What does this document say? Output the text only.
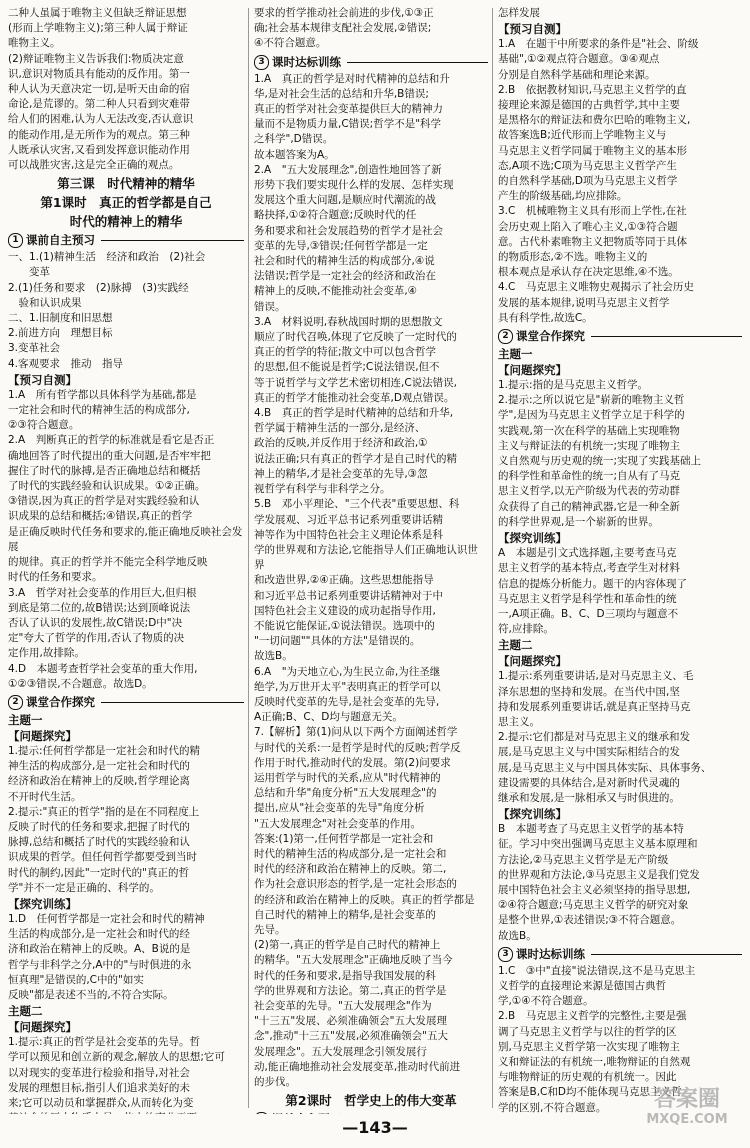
二种人虽属于唯物主义但缺乏辩证思想
(形而上学唯物主义);第三种人属于辩证
唯物主义。
(2)辩证唯物主义告诉我们:物质决定意
识,意识对物质具有能动的反作用。第一
种人认为天意决定一切,是听天由命的宿
命论,是荒谬的。第二种人只看到灾难带
给人们的困难,认为人无法改变,否认意识
的能动作用,是无所作为的观点。第三种
人既承认灾害,又看到发挥意识能动作用
可以战胜灾害,这是完全正确的观点。
第三课　时代精神的精华
第1课时　真正的哲学都是自己
时代的精神上的精华
1 课前自主预习
一、1.(1)精神生活　经济和政治　(2)社会
　　变革
2.(1)任务和要求　(2)脉搏　(3)实践经
　验和认识成果
二、1.旧制度和旧思想
2.前进方向　理想目标
3.变革社会
4.客观要求　推动　指导
【预习自测】
1.A　所有哲学都以具体科学为基础,都是
一定社会和时代的精神生活的构成部分,
②③符合题意。
2.A　判断真正的哲学的标准就是看它是否正
确地回答了时代提出的重大问题,是否牢牢把
握住了时代的脉搏,是否正确地总结和概括
了时代的实践经验和认识成果。①②正确。
③错误,因为真正的哲学是对实践经验和认
识成果的总结和概括;④错误,真正的哲学
是正确反映时代任务和要求的,能正确地反映社会发展
的规律。真正的哲学并不能完全科学地反映
时代的任务和要求。
3.A　哲学对社会变革的作用巨大,但归根
到底是第二位的,故B错误;达到顶峰说法
否认了认识的发展性,故C错误;D中"决
定"夸大了哲学的作用,否认了物质的决
定作用,故排除。
4.D　本题考查哲学社会变革的重大作用,
①②③错误,不合题意。故选D。
2 课堂合作探究
主题一
【问题探究】
1.提示:任何哲学都是一定社会和时代的精
神生活的构成部分,是一定社会和时代的
经济和政治在精神上的反映,哲学理论离
不开时代生活。
2.提示:"真正的哲学"指的是在不同程度上
反映了时代的任务和要求,把握了时代的
脉搏,总结和概括了时代的实践经验和认
识成果的哲学。但任何哲学都要受到当时
时代的制约,因此"一定时代的"真正的哲
学"并不一定是正确的、科学的。
【探究训练】
1.D　任何哲学都是一定社会和时代的精神
生活的构成部分,是一定社会和时代的经
济和政治在精神上的反映。A、B说的是
哲学与非科学之分,A中的"与时俱进的永
恒真理"是错误的,C中的"如实
反映"都是表述不当的,不符合实际。
主题二
【问题探究】
1.提示:真正的哲学是社会变革的先导。哲
学可以预见和创立新的观念,解放人的思想;它可
以对现实的变革进行检验和指导,对社会
发展的理想目标,指引人们追求美好的未
来;它可以动员和掌握群众,从而转化为变
要求的哲学推动社会前进的步伐,①③正
确;社会基本规律支配社会发展,②错误;
④不符合题意。
3 课时达标训练
1.A　真正的哲学是对时代精神的总结和升
华,是对社会生活的总结和升华,B错误;
真正的哲学对社会变革提供巨大的精神力
量而不是物质力量,C错误;哲学不是"科学
之科学",D错误。
故本题答案为A。
2.A　"五大发展理念",创造性地回答了新
形势下我们要实现什么样的发展、怎样实现
发展这个重大问题,是顺应时代潮流的战
略抉择,①②符合题意;反映时代的任
务和要求和社会发展趋势的哲学才是社会
变革的先导,③错误;任何哲学都是一定
社会和时代的精神生活的构成部分,④说
法错误;哲学是一定社会的经济和政治在
精神上的反映,不能推动社会变革,④
错误。
3.A　材料说明,春秋战国时期的思想散文
顺应了时代召唤,体现了它反映了一定时代的
真正的哲学的特征;散文中可以包含哲学
的思想,但不能说是哲学;C说法错误,但不
等于说哲学与文学艺术密切相连,C说法错误,
真正的哲学才能推动社会变革,D观点错误。
4.B　真正的哲学是时代精神的总结和升华,
哲学属于精神生活的一部分,是经济、
政治的反映,并反作用于经济和政治,①
说法正确;只有真正的哲学才是自己时代的精
神上的精华,才是社会变革的先导,③忽
视哲学有科学与非科学之分。
5.B　邓小平理论、"三个代表"重要思想、科
学发展观、习近平总书记系列重要讲话精
神等作为中国特色社会主义理论体系是科
学的世界观和方法论,它能指导人们正确地认识世界
和改造世界,②④正确。这些思想能指导
和习近平总书记系列重要讲话精神对于中
国特色社会主义建设的成功起指导作用,
不能说它能保证,①说法错误。选项中的
"一切问题""具体的方法"是错误的。
故选B。
6.A　"为天地立心,为生民立命,为往圣继
绝学,为万世开太平"表明真正的哲学可以
反映时代变革的先导,是社会变革的先导,
A正确;B、C、D均与题意无关。
7.【解析】第(1)问从以下两个方面阐述哲学
与时代的关系:一是哲学是时代的反映;哲学反
作用于时代,推动时代的发展。第(2)问要求
运用哲学与时代的关系,应从"时代精神的
总结和升华"角度分析"五大发展理念"的
提出,应从"社会变革的先导"角度分析
"五大发展理念"对社会变革的作用。
答案:(1)第一,任何哲学都是一定社会和
时代的精神生活的构成部分,是一定社会和
时代的经济和政治在精神上的反映。第二,
作为社会意识形态的哲学,是一定社会形态的
的经济和政治在精神上的反映。真正的哲学都是
自己时代的精神上的精华,是社会变革的
先导。
(2)第一,真正的哲学是自己时代的精神上
的精华。"五大发展理念"正确地反映了当今
时代的任务和要求,是指导我国发展的科
学的世界观和方法论。第二,真正的哲学是
社会变革的先导。"五大发展理念"作为
"十三五"发展、必须准确领会"五大发展理
念",推动"十三五"发展,必须准确领会"五大
发展理念"。五大发展理念引领发展行
动,能正确地推动社会发展变革,推动时代前进
的步伐。
第2课时　哲学史上的伟大变革
怎样发展
【预习自测】
1.A　在题干中所要求的条件是"社会、阶级
基础",①②观点符合题意。③④观点
分别是自然科学基础和理论来源。
2.B　依据教材知识,马克思主义哲学的直
接理论来源是德国的古典哲学,其中主要
是黑格尔的辩证法和费尔巴哈的唯物主义,
故答案选B;近代形而上学唯物主义与
马克思主义哲学同属于唯物主义的基本形
态,A项不选;C项为马克思主义哲学产生
的自然科学基础,D项为马克思主义哲学
产生的阶级基础,均应排除。
3.C　机械唯物主义具有形而上学性,在社
会历史观上陷入了唯心主义,①③符合题
意。古代朴素唯物主义把物质等同于具体
的物质形态,②不选。唯物主义的
根本观点是承认存在决定思维,④不选。
4.C　马克思主义唯物史观揭示了社会历史
发展的基本规律,说明马克思主义哲学
具有科学性,故选C。
2 课堂合作探究
主题一
【问题探究】
1.提示:指的是马克思主义哲学。
2.提示:之所以说它是"崭新的唯物主义哲
学",是因为马克思主义哲学立足于科学的
实践观,第一次在科学的基础上实现唯物
主义与辩证法的有机统一;实现了唯物主
义自然观与历史观的统一;实现了实践基础上
的科学性和革命性的统一;自从有了马克
思主义哲学,以无产阶级为代表的劳动群
众获得了自己的精神武器,它是一种全新
的科学世界观,是一个崭新的世界。
【探究训练】
A　本题是引文式选择题,主要考查马克
思主义哲学的基本特点,考查学生对材料
信息的提炼分析能力。题干的内容体现了
马克思主义哲学是科学性和革命性的统
一,A项正确。B、C、D三项均与题意不
符,应排除。
主题二
【问题探究】
1.提示:系列重要讲话,是对马克思主义、毛
泽东思想的坚持和发展。在当代中国,坚
持和发展系列重要讲话,就是真正坚持马克
思主义。
2.提示:它们都是对马克思主义的继承和发
展,是马克思主义与中国实际相结合的发
展,是马克思主义与中国具体实际、具体事务、
建设需要的具体结合,是对新时代灵魂的
继承和发展,是一脉相承又与时俱进的。
【探究训练】
B　本题考查了马克思主义哲学的基本特
征。学习中突出强调马克思主义基本原理和
方法论,②马克思主义哲学是无产阶级
的世界观和方法论,③马克思主义是我们党发
展中国特色社会主义必须坚持的指导思想,
②④符合题意;马克思主义哲学的研究对象
是整个世界,①表述错误;③不符合题意。
故选B。
3 课时达标训练
1.C　③中"直接"说法错误,这不是马克思主
义哲学的直接理论来源是德国古典哲
学,①④不符合题意。
2.B　马克思主义哲学的完整性,主要是强
调了马克思主义哲学与以往的哲学的区
别,马克思主义哲学第一次实现了唯物主
义和辩证法的有机统一,唯物辩证的自然观
与唯物辩证的历史观的有机统一。因此
答案是B,C和D均不能体现马克思主义哲
学的区别,不符合题意。
—143—
答案圈
MXQE.COM
